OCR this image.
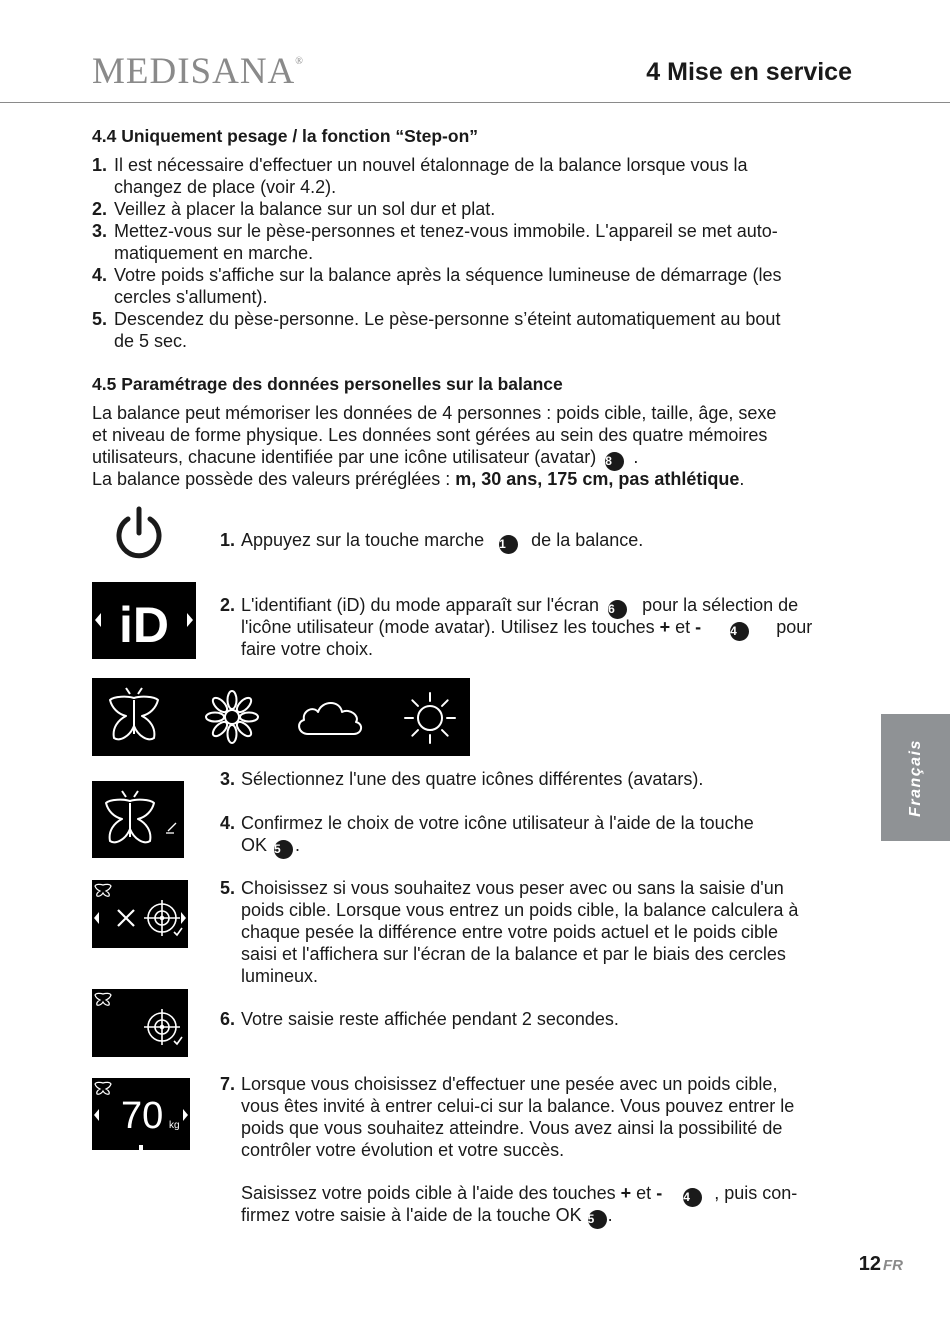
MEDISANA®	4 Mise en service
Français
4.4 Uniquement pesage / la fonction “Step-on”
1. Il est nécessaire d'effectuer un nouvel étalonnage de la balance lorsque vous la
changez de place (voir 4.2).
2. Veillez à placer la balance sur un sol dur et plat.
3. Mettez-vous sur le pèse-personnes et tenez-vous immobile. L'appareil se met auto-
matiquement en marche.
4. Votre poids s'affiche sur la balance après la séquence lumineuse de démarrage (les
cercles s'allument).
5. Descendez du pèse-personne. Le pèse-personne s’éteint automatiquement au bout
de 5 sec.
4.5 Paramétrage des données personelles sur la balance
La balance peut mémoriser les données de 4 personnes : poids cible, taille, âge, sexe
et niveau de forme physique. Les données sont gérées au sein des quatre mémoires
utilisateurs, chacune identifiée par une icône utilisateur (avatar) 8 .
La balance possède des valeurs préréglées : m, 30 ans, 175 cm, pas athlétique.
1. Appuyez sur la touche marche 1 de la balance.
iD	2. L'identifiant (iD) du mode apparaît sur l'écran 6 pour la sélection de
l'icône utilisateur (mode avatar). Utilisez les touches + et - 4 pour
faire votre choix.
3. Sélectionnez l'une des quatre icônes différentes (avatars).
4. Confirmez le choix de votre icône utilisateur à l'aide de la touche
OK 5 .
5. Choisissez si vous souhaitez vous peser avec ou sans la saisie d'un
poids cible. Lorsque vous entrez un poids cible, la balance calculera à
chaque pesée la différence entre votre poids actuel et le poids cible
saisi et l'affichera sur l'écran de la balance et par le biais des cercles
lumineux.
6. Votre saisie reste affichée pendant 2 secondes.
70 kg
7. Lorsque vous choisissez d'effectuer une pesée avec un poids cible,
vous êtes invité à entrer celui-ci sur la balance. Vous pouvez entrer le
poids que vous souhaitez atteindre. Vous avez ainsi la possibilité de
contrôler votre évolution et votre succès.
Saisissez votre poids cible à l'aide des touches + et - 4 , puis con-
firmez votre saisie à l'aide de la touche OK 5 .
12 FR
